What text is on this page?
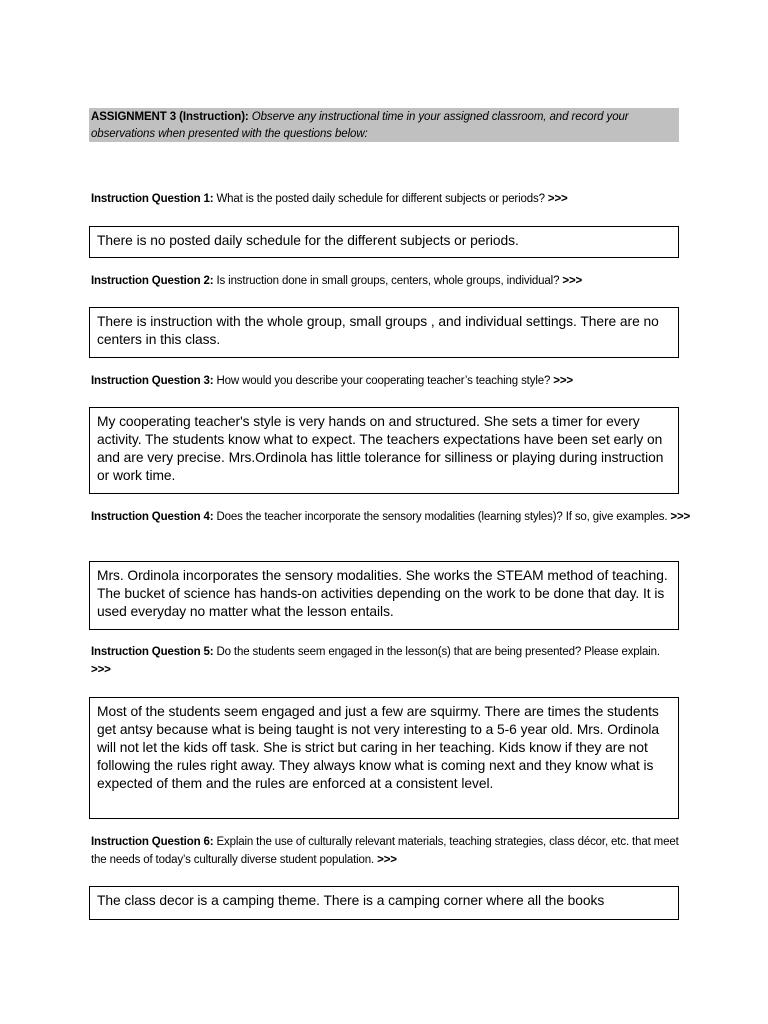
ASSIGNMENT 3 (Instruction): Observe any instructional time in your assigned classroom, and record your observations when presented with the questions below:
Instruction Question 1: What is the posted daily schedule for different subjects or periods? >>>
There is no posted daily schedule for the different subjects or periods.
Instruction Question 2: Is instruction done in small groups, centers, whole groups, individual? >>>
There is instruction with the whole group, small groups , and individual settings. There are no centers in this class.
Instruction Question 3: How would you describe your cooperating teacher’s teaching style? >>>
My cooperating teacher's style is very hands on and structured. She sets a timer for every activity. The students know what to expect. The teachers expectations have been set early on and are very precise. Mrs.Ordinola has little tolerance for silliness or playing during instruction or work time.
Instruction Question 4: Does the teacher incorporate the sensory modalities (learning styles)? If so, give examples. >>>
Mrs. Ordinola incorporates the sensory modalities. She works the STEAM method of teaching. The bucket of science has hands-on activities depending on the work to be done that day. It is used everyday no matter what the lesson entails.
Instruction Question 5: Do the students seem engaged in the lesson(s) that are being presented? Please explain. >>>
Most of the students seem engaged and just a few are squirmy. There are times the students get antsy because what is being taught is not very interesting to a 5-6 year old. Mrs. Ordinola will not let the kids off task. She is strict but caring in her teaching. Kids know if they are not following the rules right away. They always know what is coming next and they know what is expected of them and the rules are enforced at a consistent level.
Instruction Question 6: Explain the use of culturally relevant materials, teaching strategies, class décor, etc. that meet the needs of today’s culturally diverse student population. >>>
The class decor is a camping theme. There is a camping corner where all the books
